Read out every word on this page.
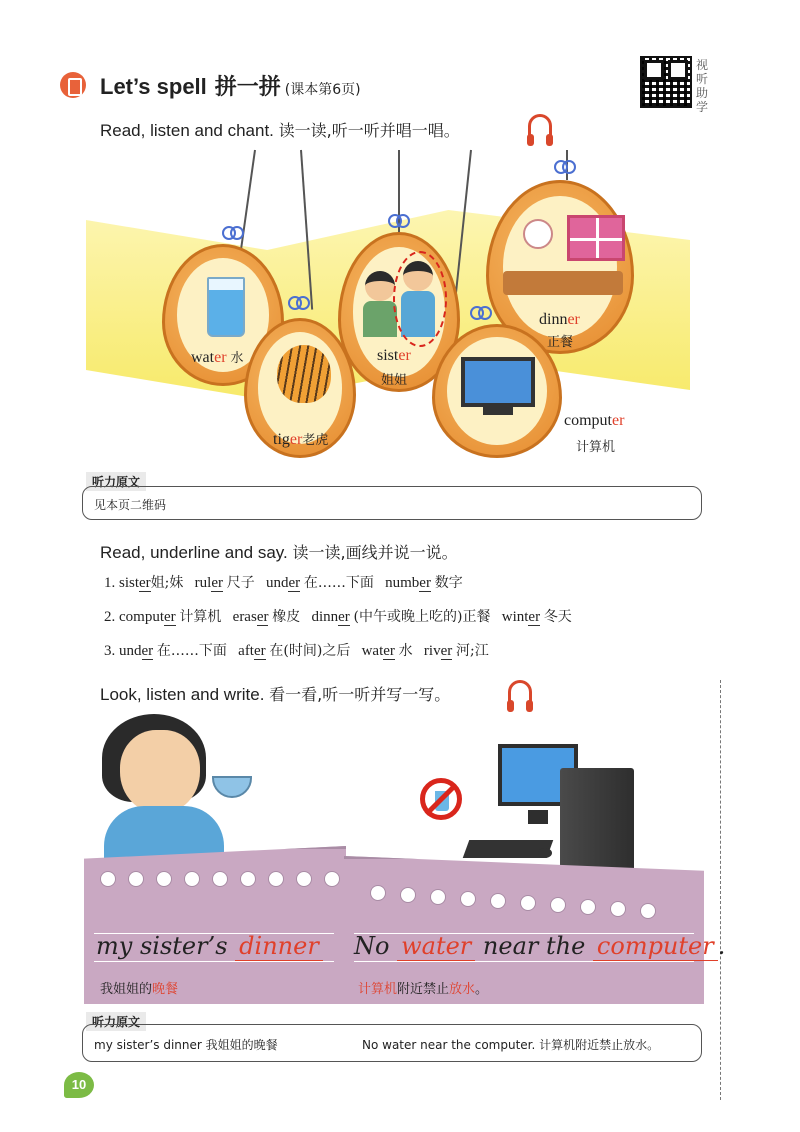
Let’s spell 拼一拼 (课本第6页)
视听助学
Read, listen and chant. 读一读,听一听并唱一唱。
water 水
tiger老虎
sister
姐姐
dinner
正餐
computer
计算机
听力原文
见本页二维码
Read, underline and say. 读一读,画线并说一说。
1. sister姐;妹 ruler 尺子 under 在……下面 number 数字
2. computer 计算机 eraser 橡皮 dinner (中午或晚上吃的)正餐 winter 冬天
3. under 在……下面 after 在(时间)之后 water 水 river 河;江
Look, listen and write. 看一看,听一听并写一写。
my sister’s dinner
我姐姐的晚餐
No water near the computer .
计算机附近禁止放水。
听力原文
my sister’s dinner 我姐姐的晚餐	No water near the computer. 计算机附近禁止放水。
10
